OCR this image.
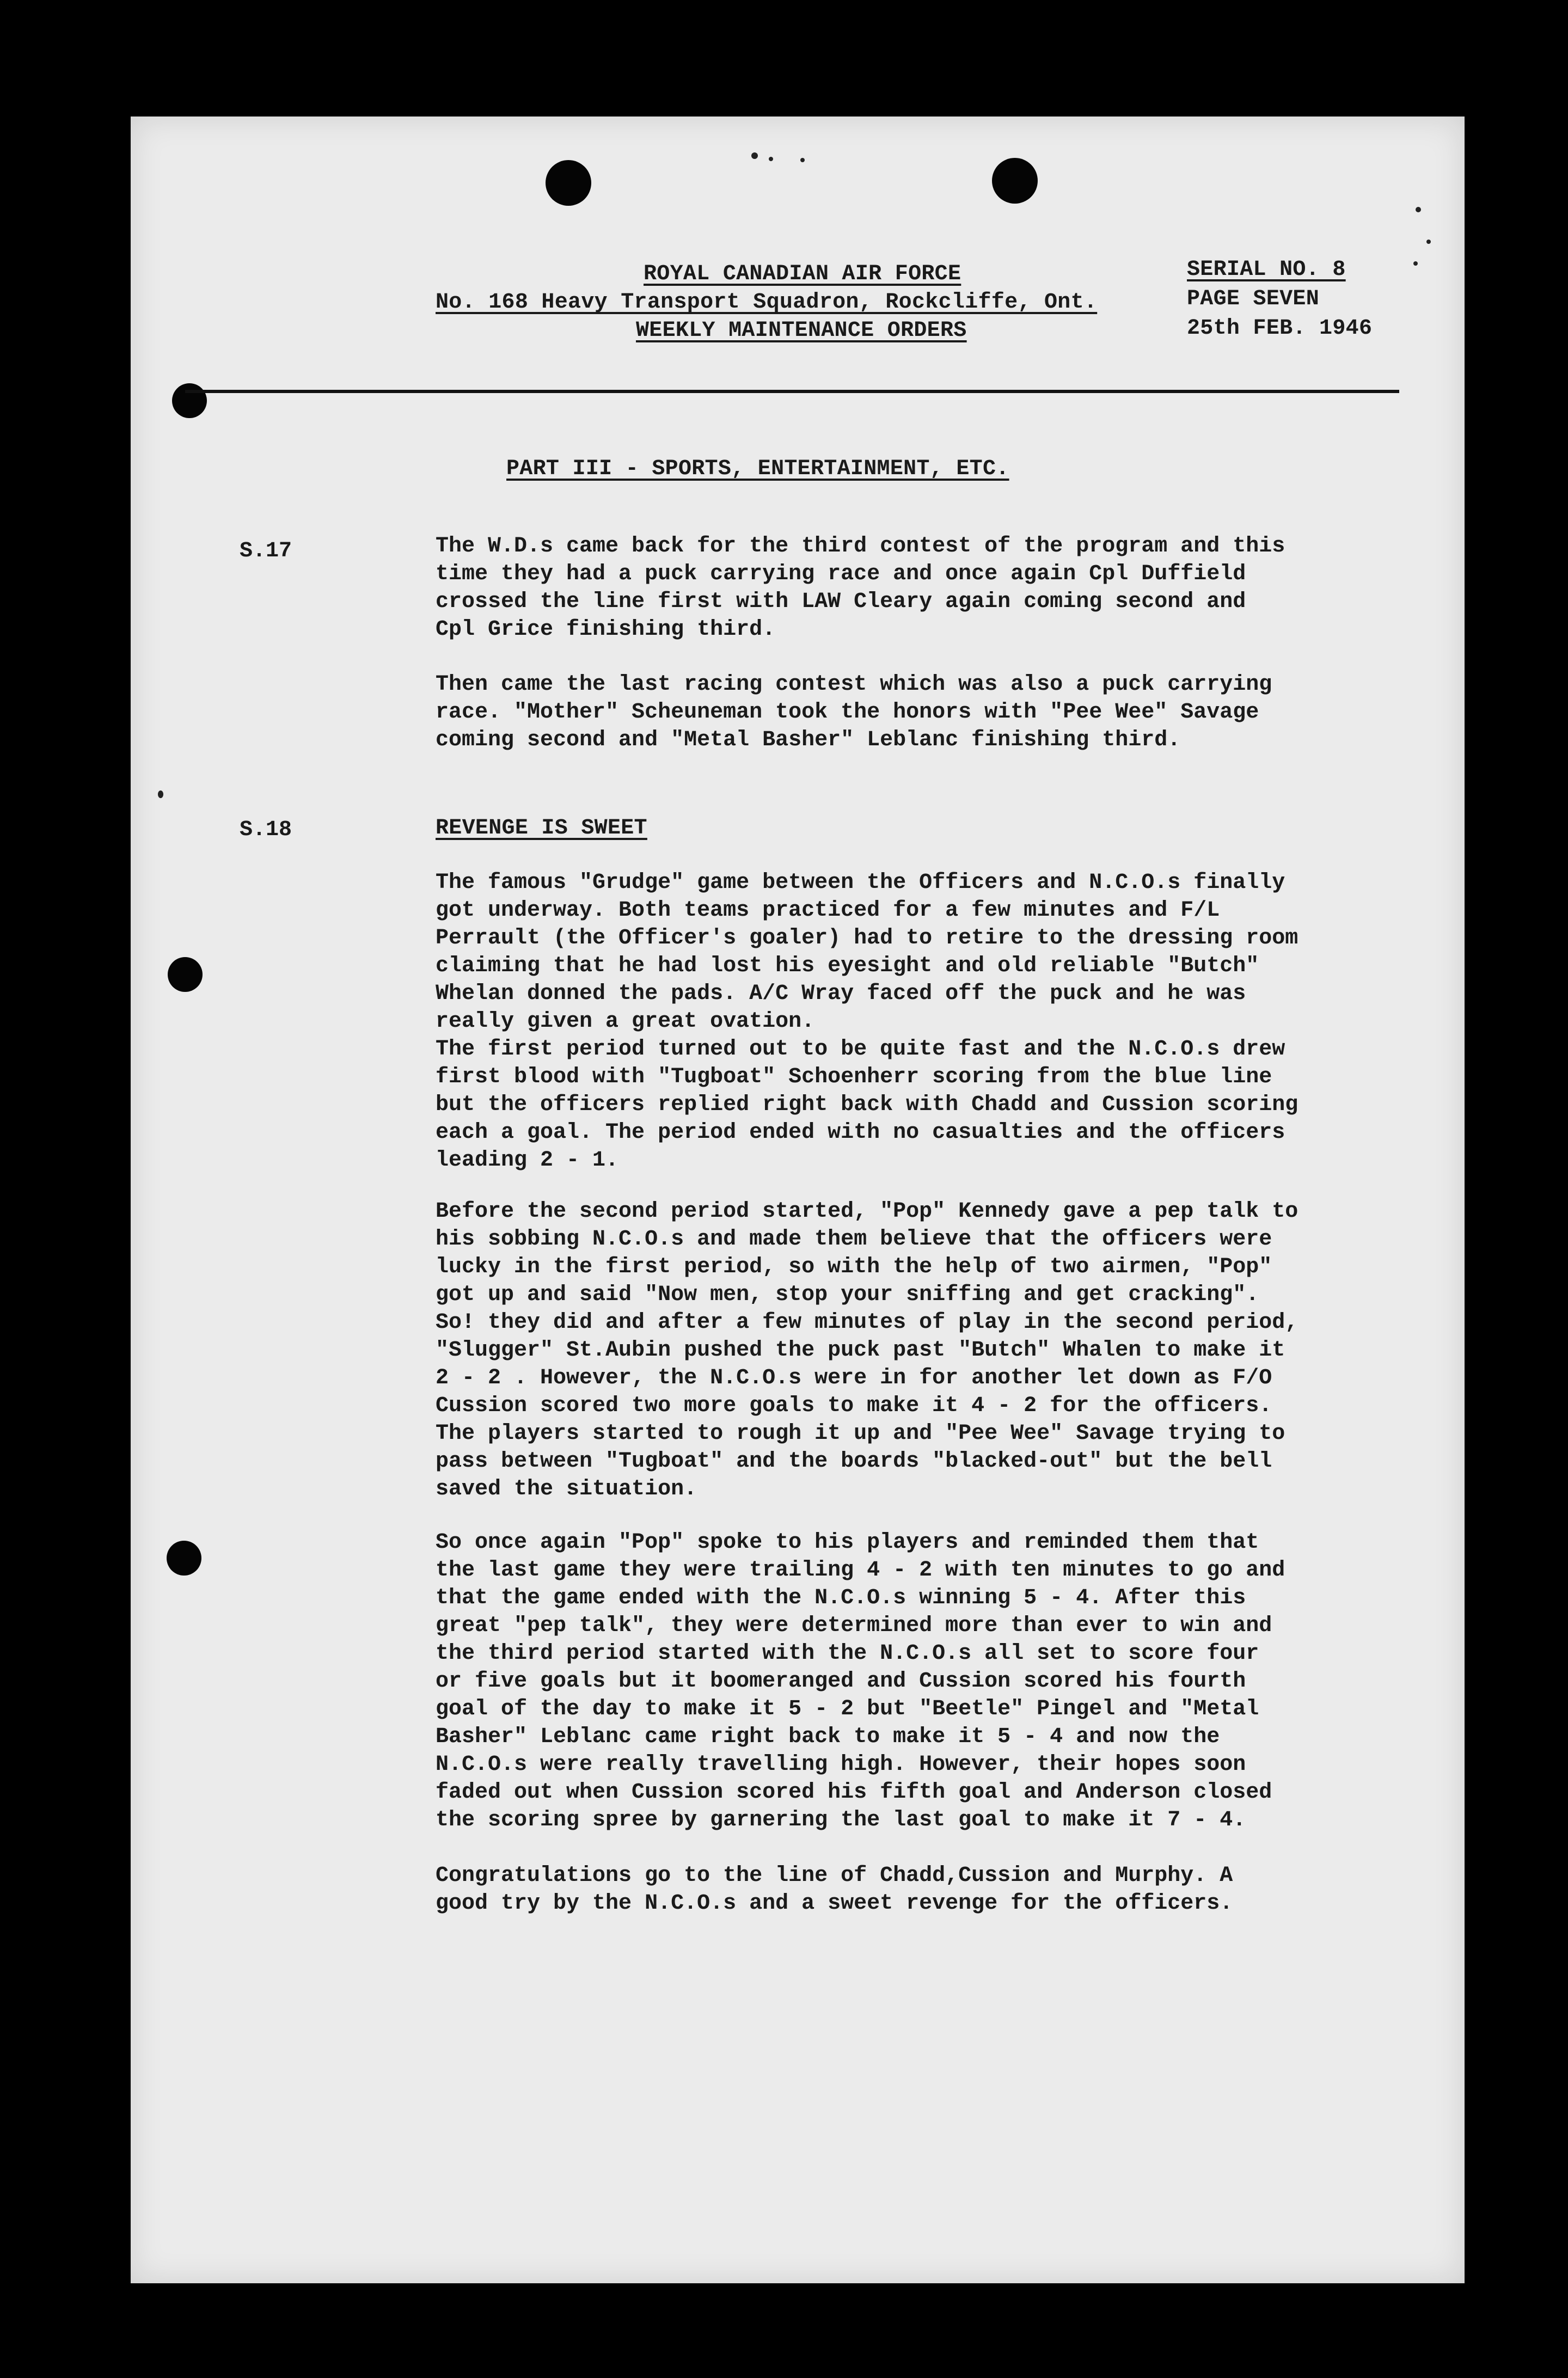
ROYAL CANADIAN AIR FORCE
No. 168 Heavy Transport Squadron, Rockcliffe, Ont.
WEEKLY MAINTENANCE ORDERS
SERIAL NO. 8
PAGE SEVEN
25th FEB. 1946
PART III - SPORTS, ENTERTAINMENT, ETC.
S.17	The W.D.s came back for the third contest of the program and this
time they had a puck carrying race and once again Cpl Duffield
crossed the line first with LAW Cleary again coming second and
Cpl Grice finishing third.
Then came the last racing contest which was also a puck carrying
race. "Mother" Scheuneman took the honors with "Pee Wee" Savage
coming second and "Metal Basher" Leblanc finishing third.
S.18	REVENGE IS SWEET
The famous "Grudge" game between the Officers and N.C.O.s finally
got underway. Both teams practiced for a few minutes and F/L
Perrault (the Officer's goaler) had to retire to the dressing room
claiming that he had lost his eyesight and old reliable "Butch"
Whelan donned the pads. A/C Wray faced off the puck and he was
really given a great ovation.
The first period turned out to be quite fast and the N.C.O.s drew
first blood with "Tugboat" Schoenherr scoring from the blue line
but the officers replied right back with Chadd and Cussion scoring
each a goal. The period ended with no casualties and the officers
leading 2 - 1.
Before the second period started, "Pop" Kennedy gave a pep talk to
his sobbing N.C.O.s and made them believe that the officers were
lucky in the first period, so with the help of two airmen, "Pop"
got up and said "Now men, stop your sniffing and get cracking".
So! they did and after a few minutes of play in the second period,
"Slugger" St.Aubin pushed the puck past "Butch" Whalen to make it
2 - 2 . However, the N.C.O.s were in for another let down as F/O
Cussion scored two more goals to make it 4 - 2 for the officers.
The players started to rough it up and "Pee Wee" Savage trying to
pass between "Tugboat" and the boards "blacked-out" but the bell
saved the situation.
So once again "Pop" spoke to his players and reminded them that
the last game they were trailing 4 - 2 with ten minutes to go and
that the game ended with the N.C.O.s winning 5 - 4. After this
great "pep talk", they were determined more than ever to win and
the third period started with the N.C.O.s all set to score four
or five goals but it boomeranged and Cussion scored his fourth
goal of the day to make it 5 - 2 but "Beetle" Pingel and "Metal
Basher" Leblanc came right back to make it 5 - 4 and now the
N.C.O.s were really travelling high. However, their hopes soon
faded out when Cussion scored his fifth goal and Anderson closed
the scoring spree by garnering the last goal to make it 7 - 4.
Congratulations go to the line of Chadd,Cussion and Murphy. A
good try by the N.C.O.s and a sweet revenge for the officers.
